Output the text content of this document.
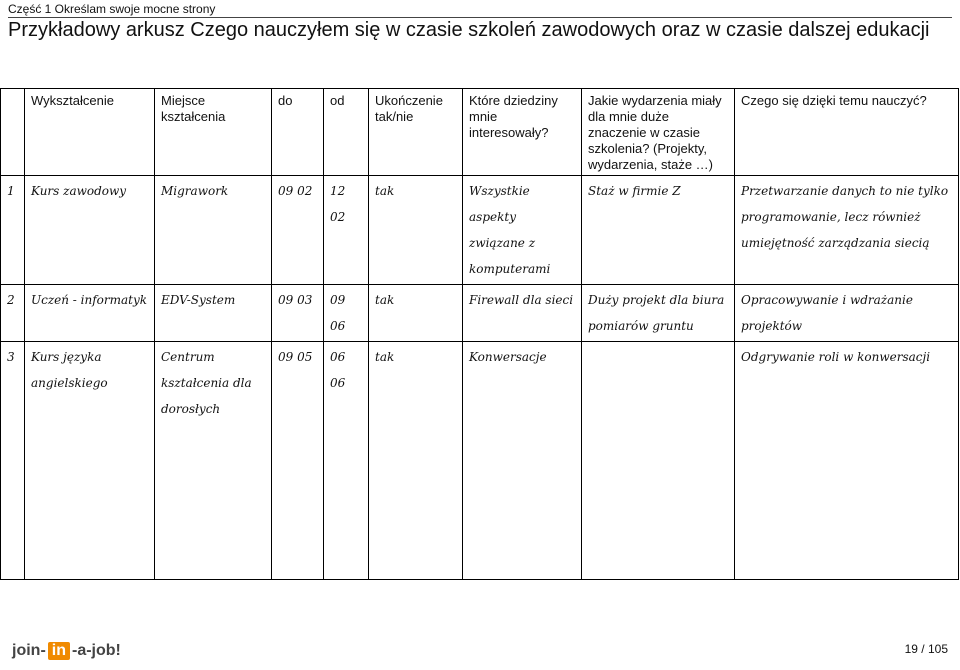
Część 1 Określam swoje mocne strony
Przykładowy arkusz Czego nauczyłem się w czasie szkoleń zawodowych oraz w czasie dalszej edukacji
	Wykształcenie	Miejsce kształcenia	do	od	Ukończenie tak/nie	Które dziedziny mnie interesowały?	Jakie wydarzenia miały dla mnie duże znaczenie w czasie szkolenia? (Projekty, wydarzenia, staże …)	Czego się dzięki temu nauczyć?
1	Kurs zawodowy	Migrawork	09 02	12 02	tak	Wszystkie aspekty związane z komputerami	Staż w firmie Z	Przetwarzanie danych to nie tylko programowanie, lecz również umiejętność zarządzania siecią
2	Uczeń - informatyk	EDV-System	09 03	09 06	tak	Firewall dla sieci	Duży projekt dla biura pomiarów gruntu	Opracowywanie i wdrażanie projektów
3	Kurs języka angielskiego	Centrum kształcenia dla dorosłych	09 05	06 06	tak	Konwersacje		Odgrywanie roli w konwersacji
join- in -a-job!	19 / 105
